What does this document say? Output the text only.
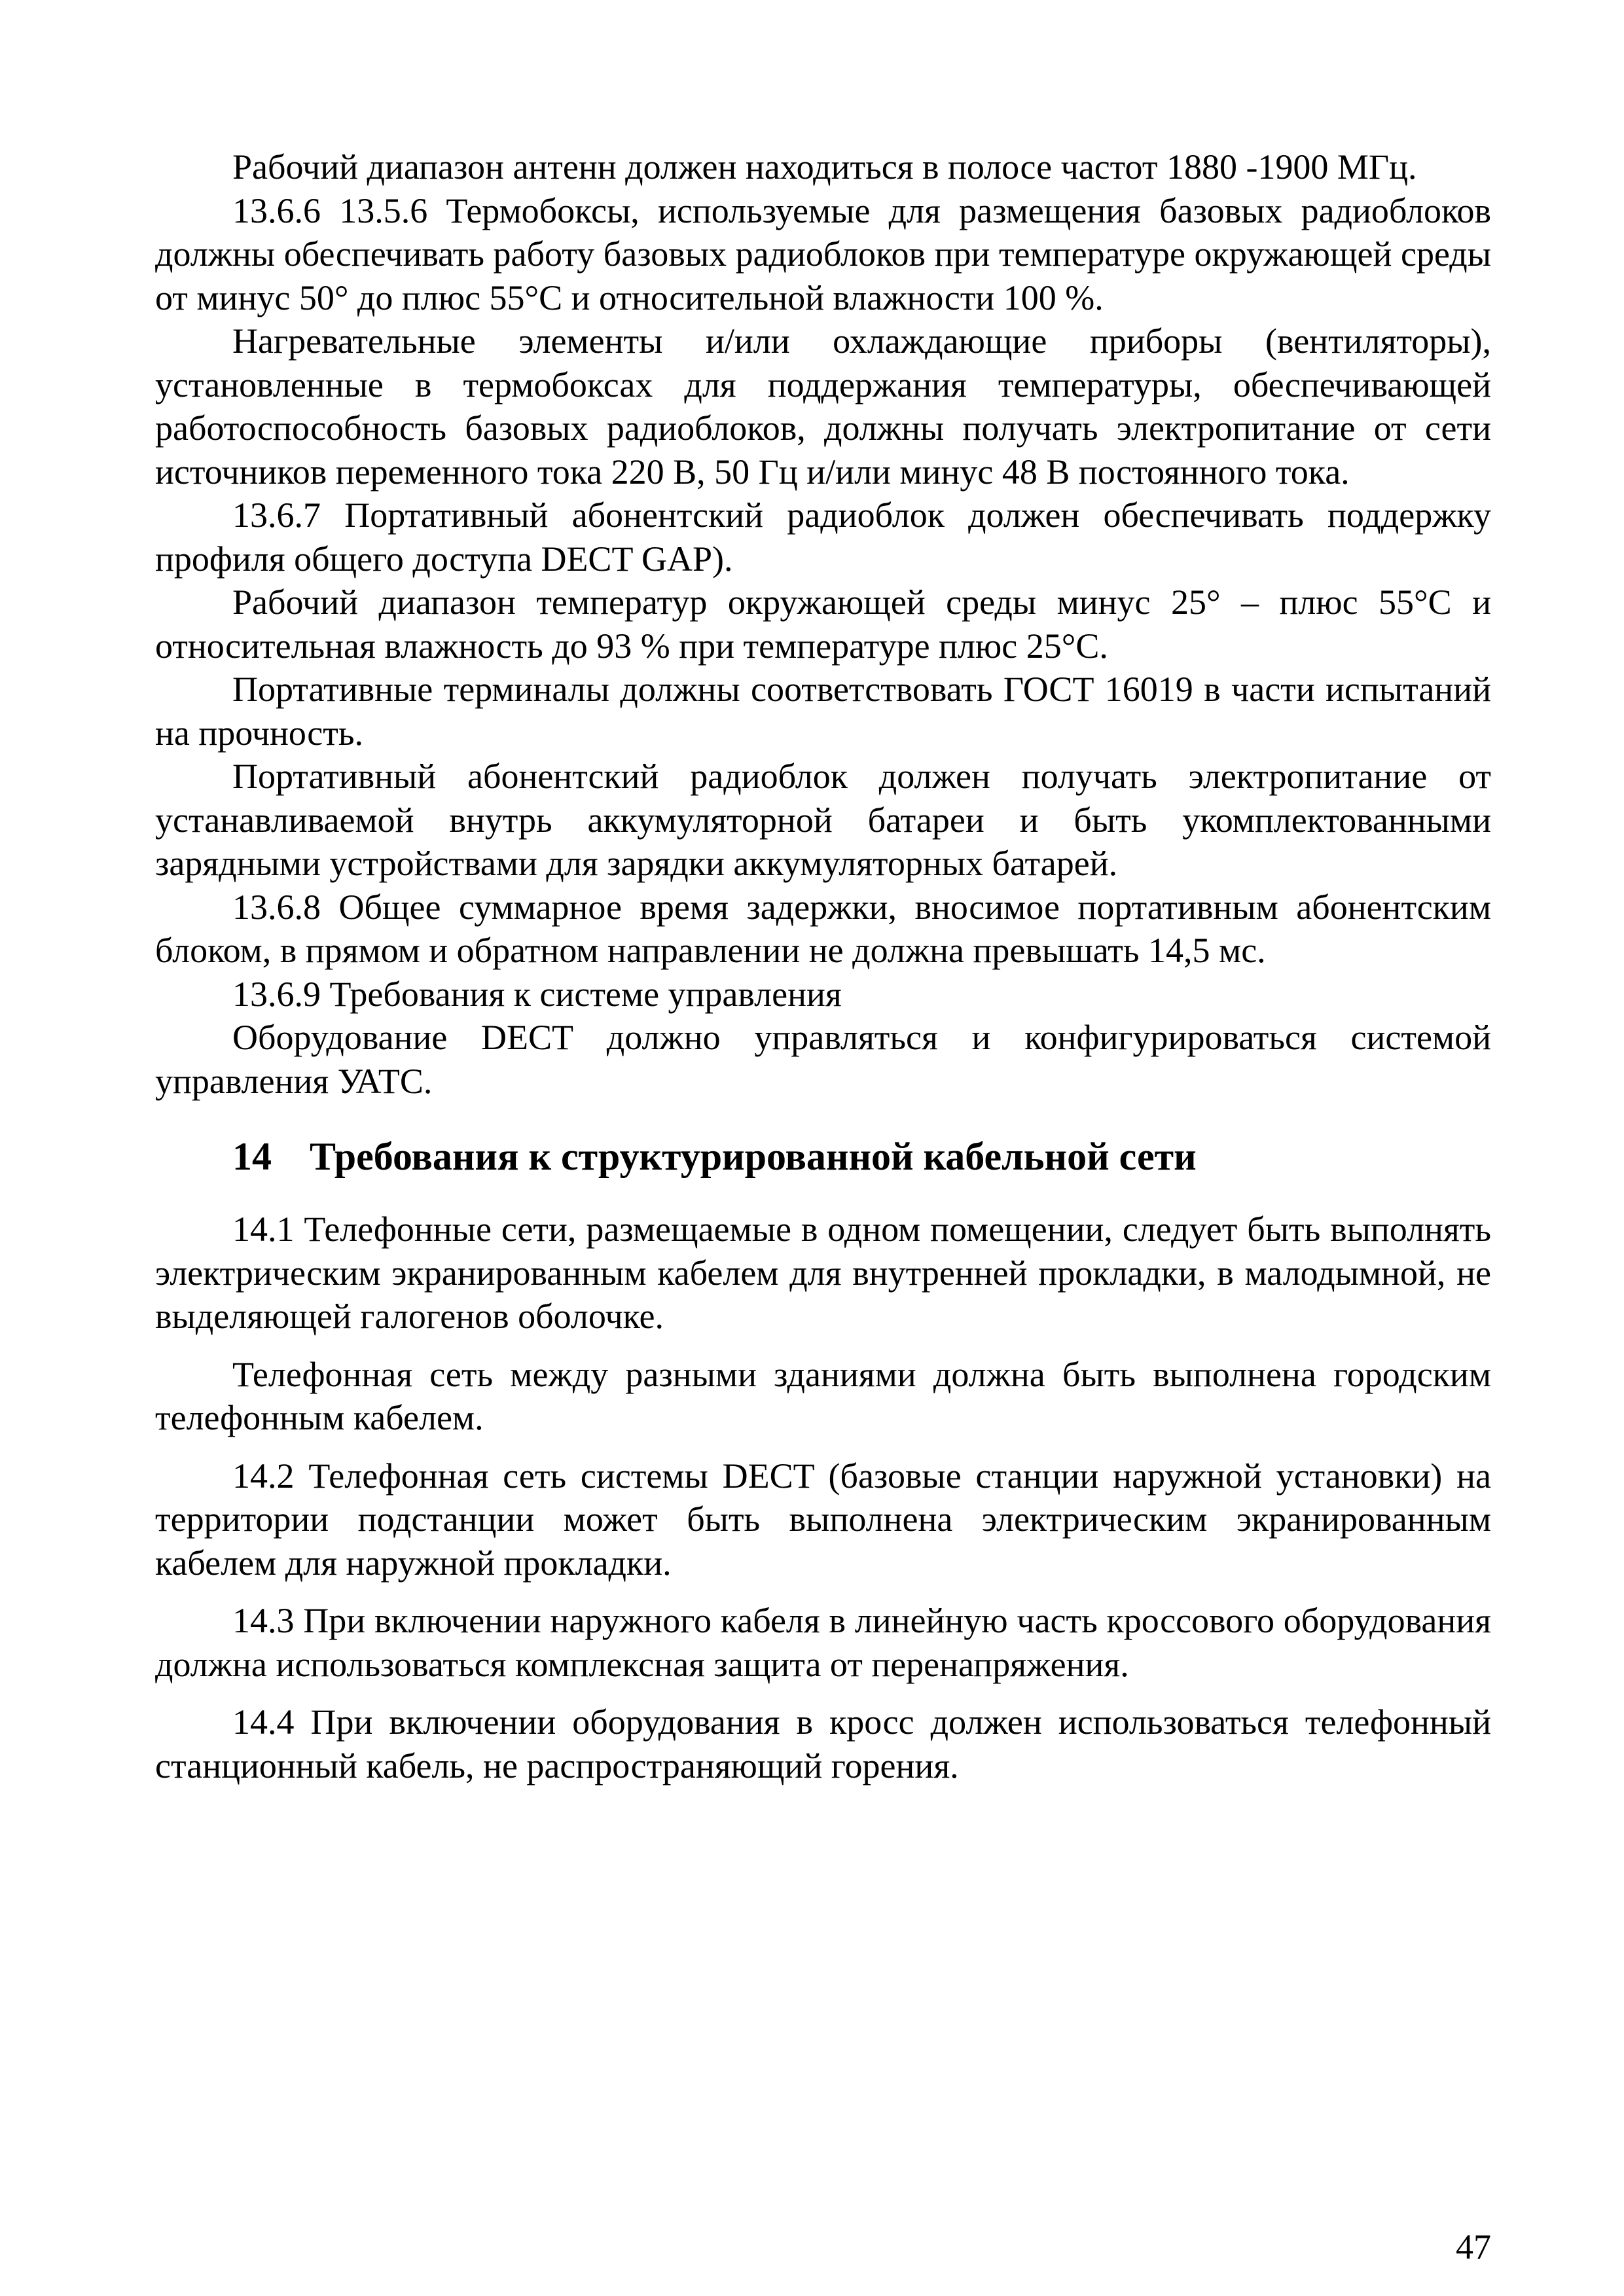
Рабочий диапазон антенн должен находиться в полосе частот 1880 -1900 МГц.

13.6.6 13.5.6 Термобоксы, используемые для размещения базовых радиоблоков должны обеспечивать работу базовых радиоблоков при температуре окружающей среды от минус 50° до плюс 55°С и относительной влажности 100 %.

Нагревательные элементы и/или охлаждающие приборы (вентиляторы), установленные в термобоксах для поддержания температуры, обеспечивающей работоспособность базовых радиоблоков, должны получать электропитание от сети источников переменного тока 220 В, 50 Гц и/или минус 48 В постоянного тока.

13.6.7 Портативный абонентский радиоблок должен обеспечивать поддержку профиля общего доступа DECT GAP).

Рабочий диапазон температур окружающей среды минус 25° – плюс 55°С и относительная влажность до 93 % при температуре плюс 25°С.

Портативные терминалы должны соответствовать ГОСТ 16019 в части испытаний на прочность.

Портативный абонентский радиоблок должен получать электропитание от устанавливаемой внутрь аккумуляторной батареи и быть укомплектованными зарядными устройствами для зарядки аккумуляторных батарей.

13.6.8 Общее суммарное время задержки, вносимое портативным абонентским блоком, в прямом и обратном направлении не должна превышать 14,5 мс.

13.6.9 Требования к системе управления

Оборудование DECT должно управляться и конфигурироваться системой управления УАТС.

14 Требования к структурированной кабельной сети

14.1 Телефонные сети, размещаемые в одном помещении, следует быть выполнять электрическим экранированным кабелем для внутренней прокладки, в малодымной, не выделяющей галогенов оболочке.

Телефонная сеть между разными зданиями должна быть выполнена городским телефонным кабелем.

14.2 Телефонная сеть системы DECT (базовые станции наружной установки) на территории подстанции может быть выполнена электрическим экранированным кабелем для наружной прокладки.

14.3 При включении наружного кабеля в линейную часть кроссового оборудования должна использоваться комплексная защита от перенапряжения.

14.4 При включении оборудования в кросс должен использоваться телефонный станционный кабель, не распространяющий горения.

47
